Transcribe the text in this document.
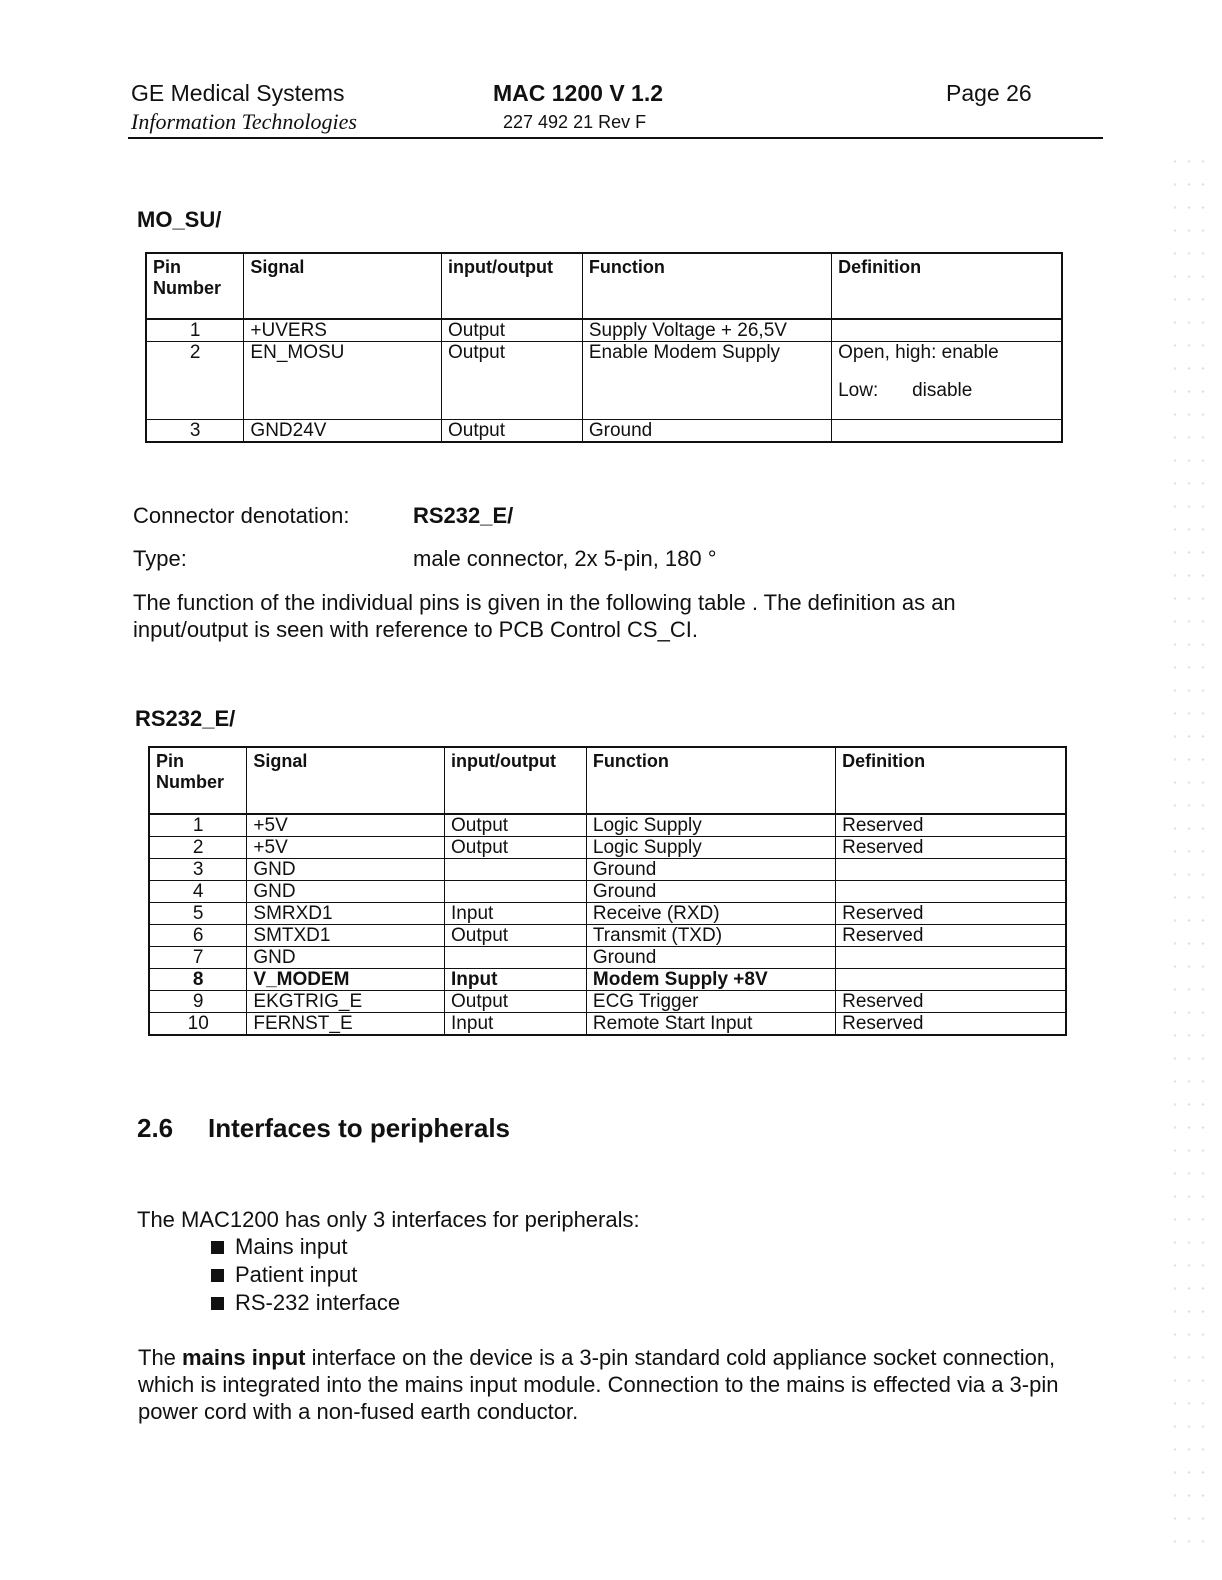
GE Medical Systems
Information Technologies
MAC 1200 V 1.2
227 492 21 Rev F
Page 26
MO_SU/
Pin Number	Signal	input/output	Function	Definition
1	+UVERS	Output	Supply Voltage + 26,5V	
2	EN_MOSU	Output	Enable Modem Supply	Open, high: enable
Low: disable

3	GND24V	Output	Ground	
Connector denotation:	RS232_E/
Type:	male connector, 2x 5-pin, 180 °
The function of the individual pins is given in the following table . The definition as an input/output is seen with reference to PCB Control CS_CI.
RS232_E/
Pin Number	Signal	input/output	Function	Definition
1	+5V	Output	Logic Supply	Reserved
2	+5V	Output	Logic Supply	Reserved
3	GND		Ground	
4	GND		Ground	
5	SMRXD1	Input	Receive (RXD)	Reserved
6	SMTXD1	Output	Transmit (TXD)	Reserved
7	GND		Ground	
8	V_MODEM	Input	Modem Supply +8V	
9	EKGTRIG_E	Output	ECG Trigger	Reserved
10	FERNST_E	Input	Remote Start Input	Reserved
2.6 Interfaces to peripherals
The MAC1200 has only 3 interfaces for peripherals:
Mains input
Patient input
RS-232 interface
The mains input interface on the device is a 3-pin standard cold appliance socket connection, which is integrated into the mains input module. Connection to the mains is effected via a 3-pin power cord with a non-fused earth conductor.
